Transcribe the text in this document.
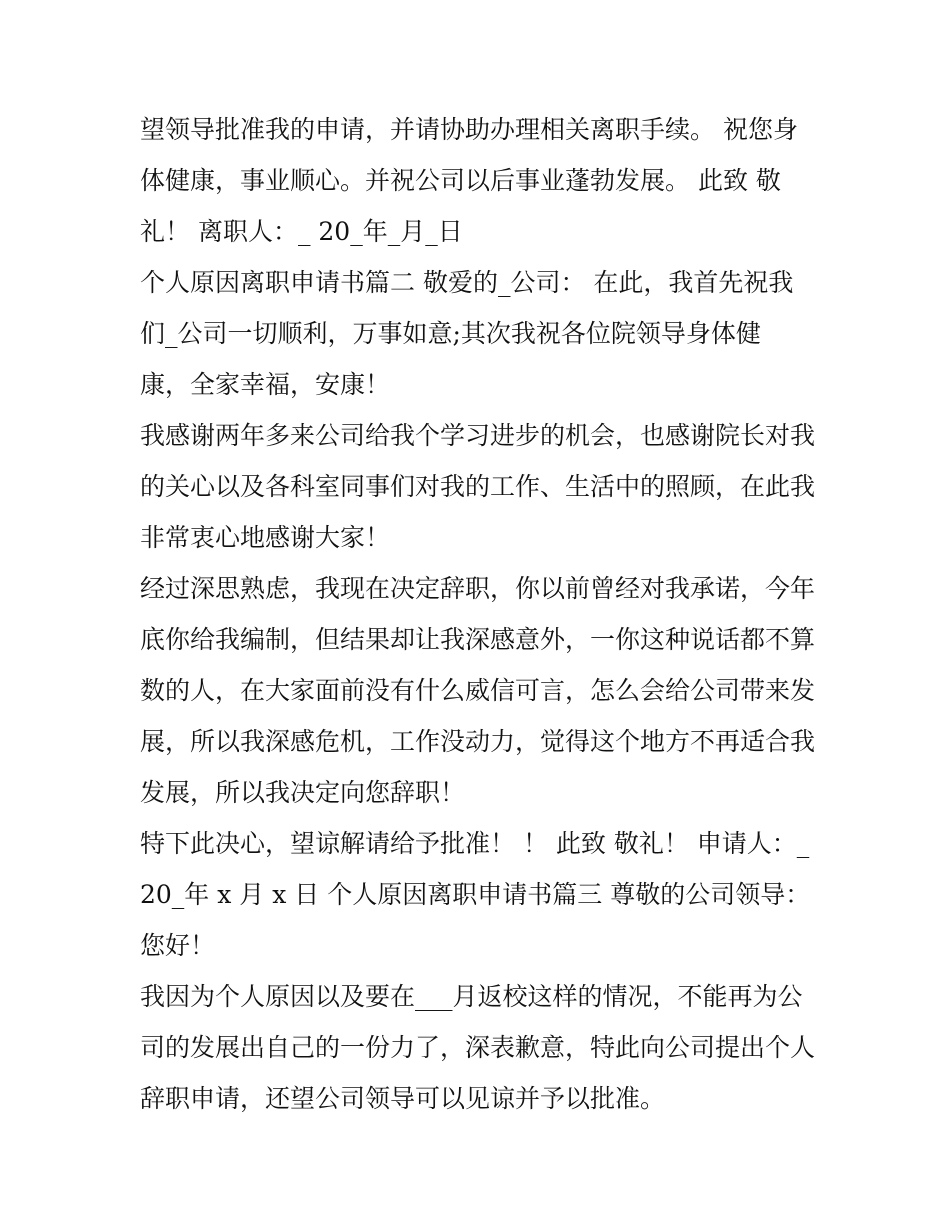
望领导批准我的申请，并请协助办理相关离职手续。 祝您身
体健康，事业顺心。并祝公司以后事业蓬勃发展。 此致 敬
礼！ 离职人：_ 20_年_月_日
个人原因离职申请书篇二 敬爱的_公司： 在此，我首先祝我
们_公司一切顺利，万事如意;其次我祝各位院领导身体健
康，全家幸福，安康！
我感谢两年多来公司给我个学习进步的机会，也感谢院长对我
的关心以及各科室同事们对我的工作、生活中的照顾，在此我
非常衷心地感谢大家！
经过深思熟虑，我现在决定辞职，你以前曾经对我承诺，今年
底你给我编制，但结果却让我深感意外，一你这种说话都不算
数的人，在大家面前没有什么威信可言，怎么会给公司带来发
展，所以我深感危机，工作没动力，觉得这个地方不再适合我
发展，所以我决定向您辞职！
特下此决心，望谅解请给予批准！ ！ 此致 敬礼！ 申请人：_
20_年 x 月 x 日 个人原因离职申请书篇三 尊敬的公司领导：
您好！
我因为个人原因以及要在___月返校这样的情况，不能再为公
司的发展出自己的一份力了，深表歉意，特此向公司提出个人
辞职申请，还望公司领导可以见谅并予以批准。
